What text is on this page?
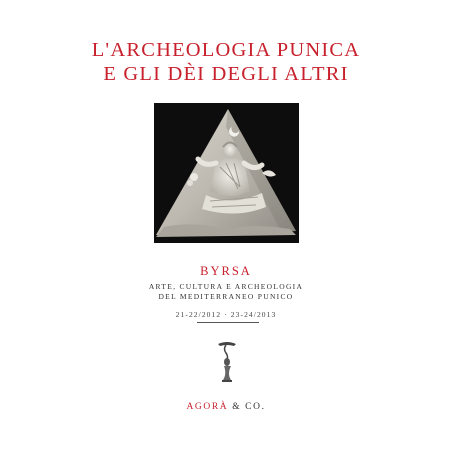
L'ARCHEOLOGIA PUNICA
E GLI DÈI DEGLI ALTRI
BYRSA
ARTE, CULTURA E ARCHEOLOGIA
DEL MEDITERRANEO PUNICO
21-22/2012 · 23-24/2013
AGORÀ & CO.
